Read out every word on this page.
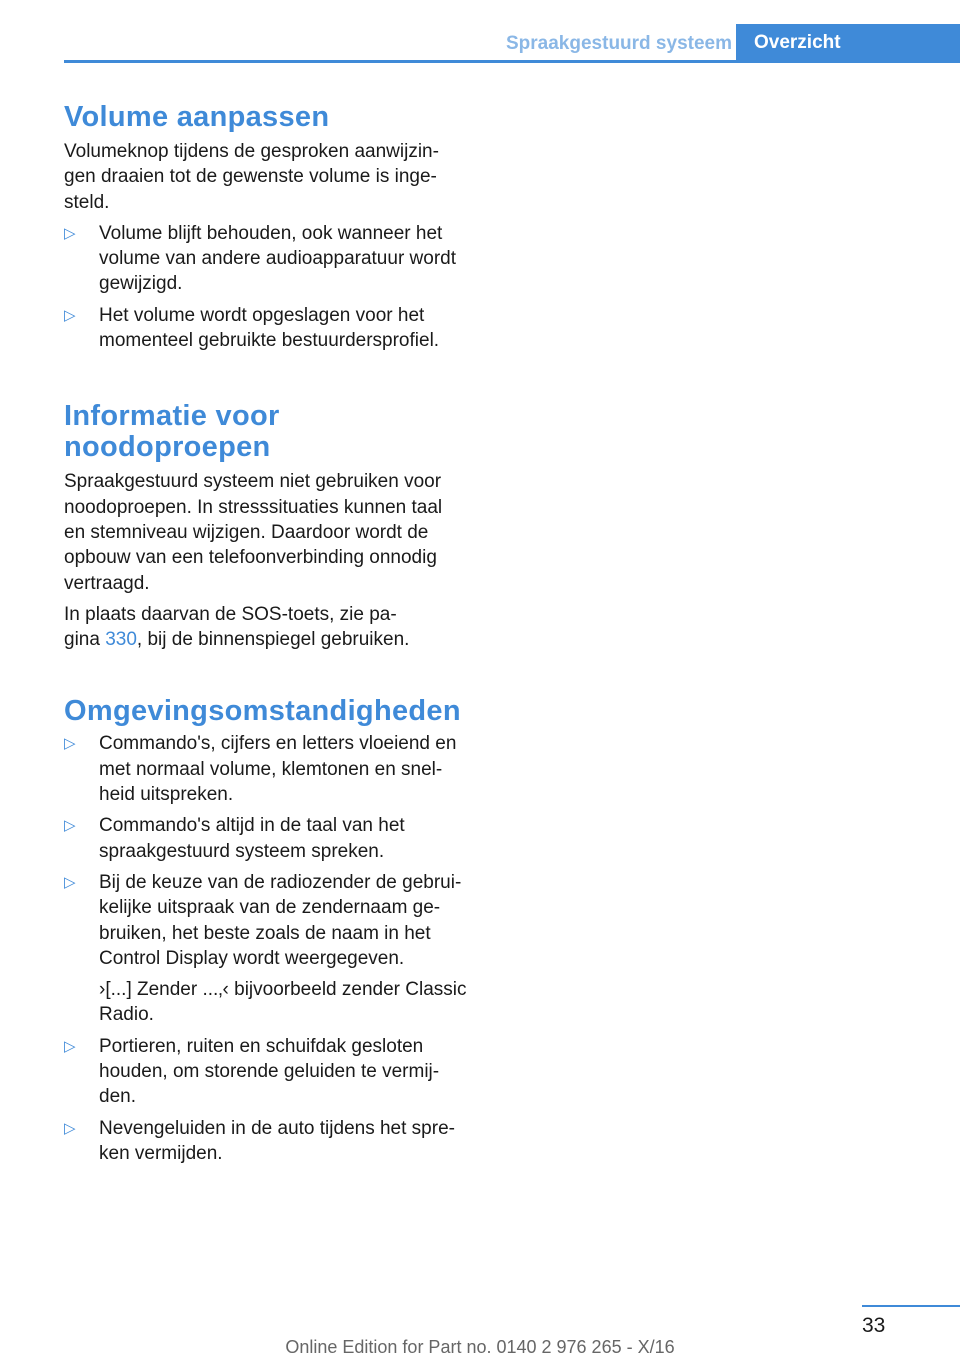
Spraakgestuurd systeem	Overzicht
Volume aanpassen
Volumeknop tijdens de gesproken aanwijzin-
gen draaien tot de gewenste volume is inge-
steld.
▷ Volume blijft behouden, ook wanneer het
volume van andere audioapparatuur wordt
gewijzigd.
▷ Het volume wordt opgeslagen voor het
momenteel gebruikte bestuurdersprofiel.
Informatie voor
noodoproepen
Spraakgestuurd systeem niet gebruiken voor
noodoproepen. In stresssituaties kunnen taal
en stemniveau wijzigen. Daardoor wordt de
opbouw van een telefoonverbinding onnodig
vertraagd.
In plaats daarvan de SOS-toets, zie pa-
gina 330, bij de binnenspiegel gebruiken.
Omgevingsomstandigheden
▷ Commando's, cijfers en letters vloeiend en
met normaal volume, klemtonen en snel-
heid uitspreken.
▷ Commando's altijd in de taal van het
spraakgestuurd systeem spreken.
▷ Bij de keuze van de radiozender de gebrui-
kelijke uitspraak van de zendernaam ge-
bruiken, het beste zoals de naam in het
Control Display wordt weergegeven.
›[...] Zender ...‚‹ bijvoorbeeld zender Classic
Radio.
▷ Portieren, ruiten en schuifdak gesloten
houden, om storende geluiden te vermij-
den.
▷ Nevengeluiden in de auto tijdens het spre-
ken vermijden.
33
Online Edition for Part no. 0140 2 976 265 - X/16
